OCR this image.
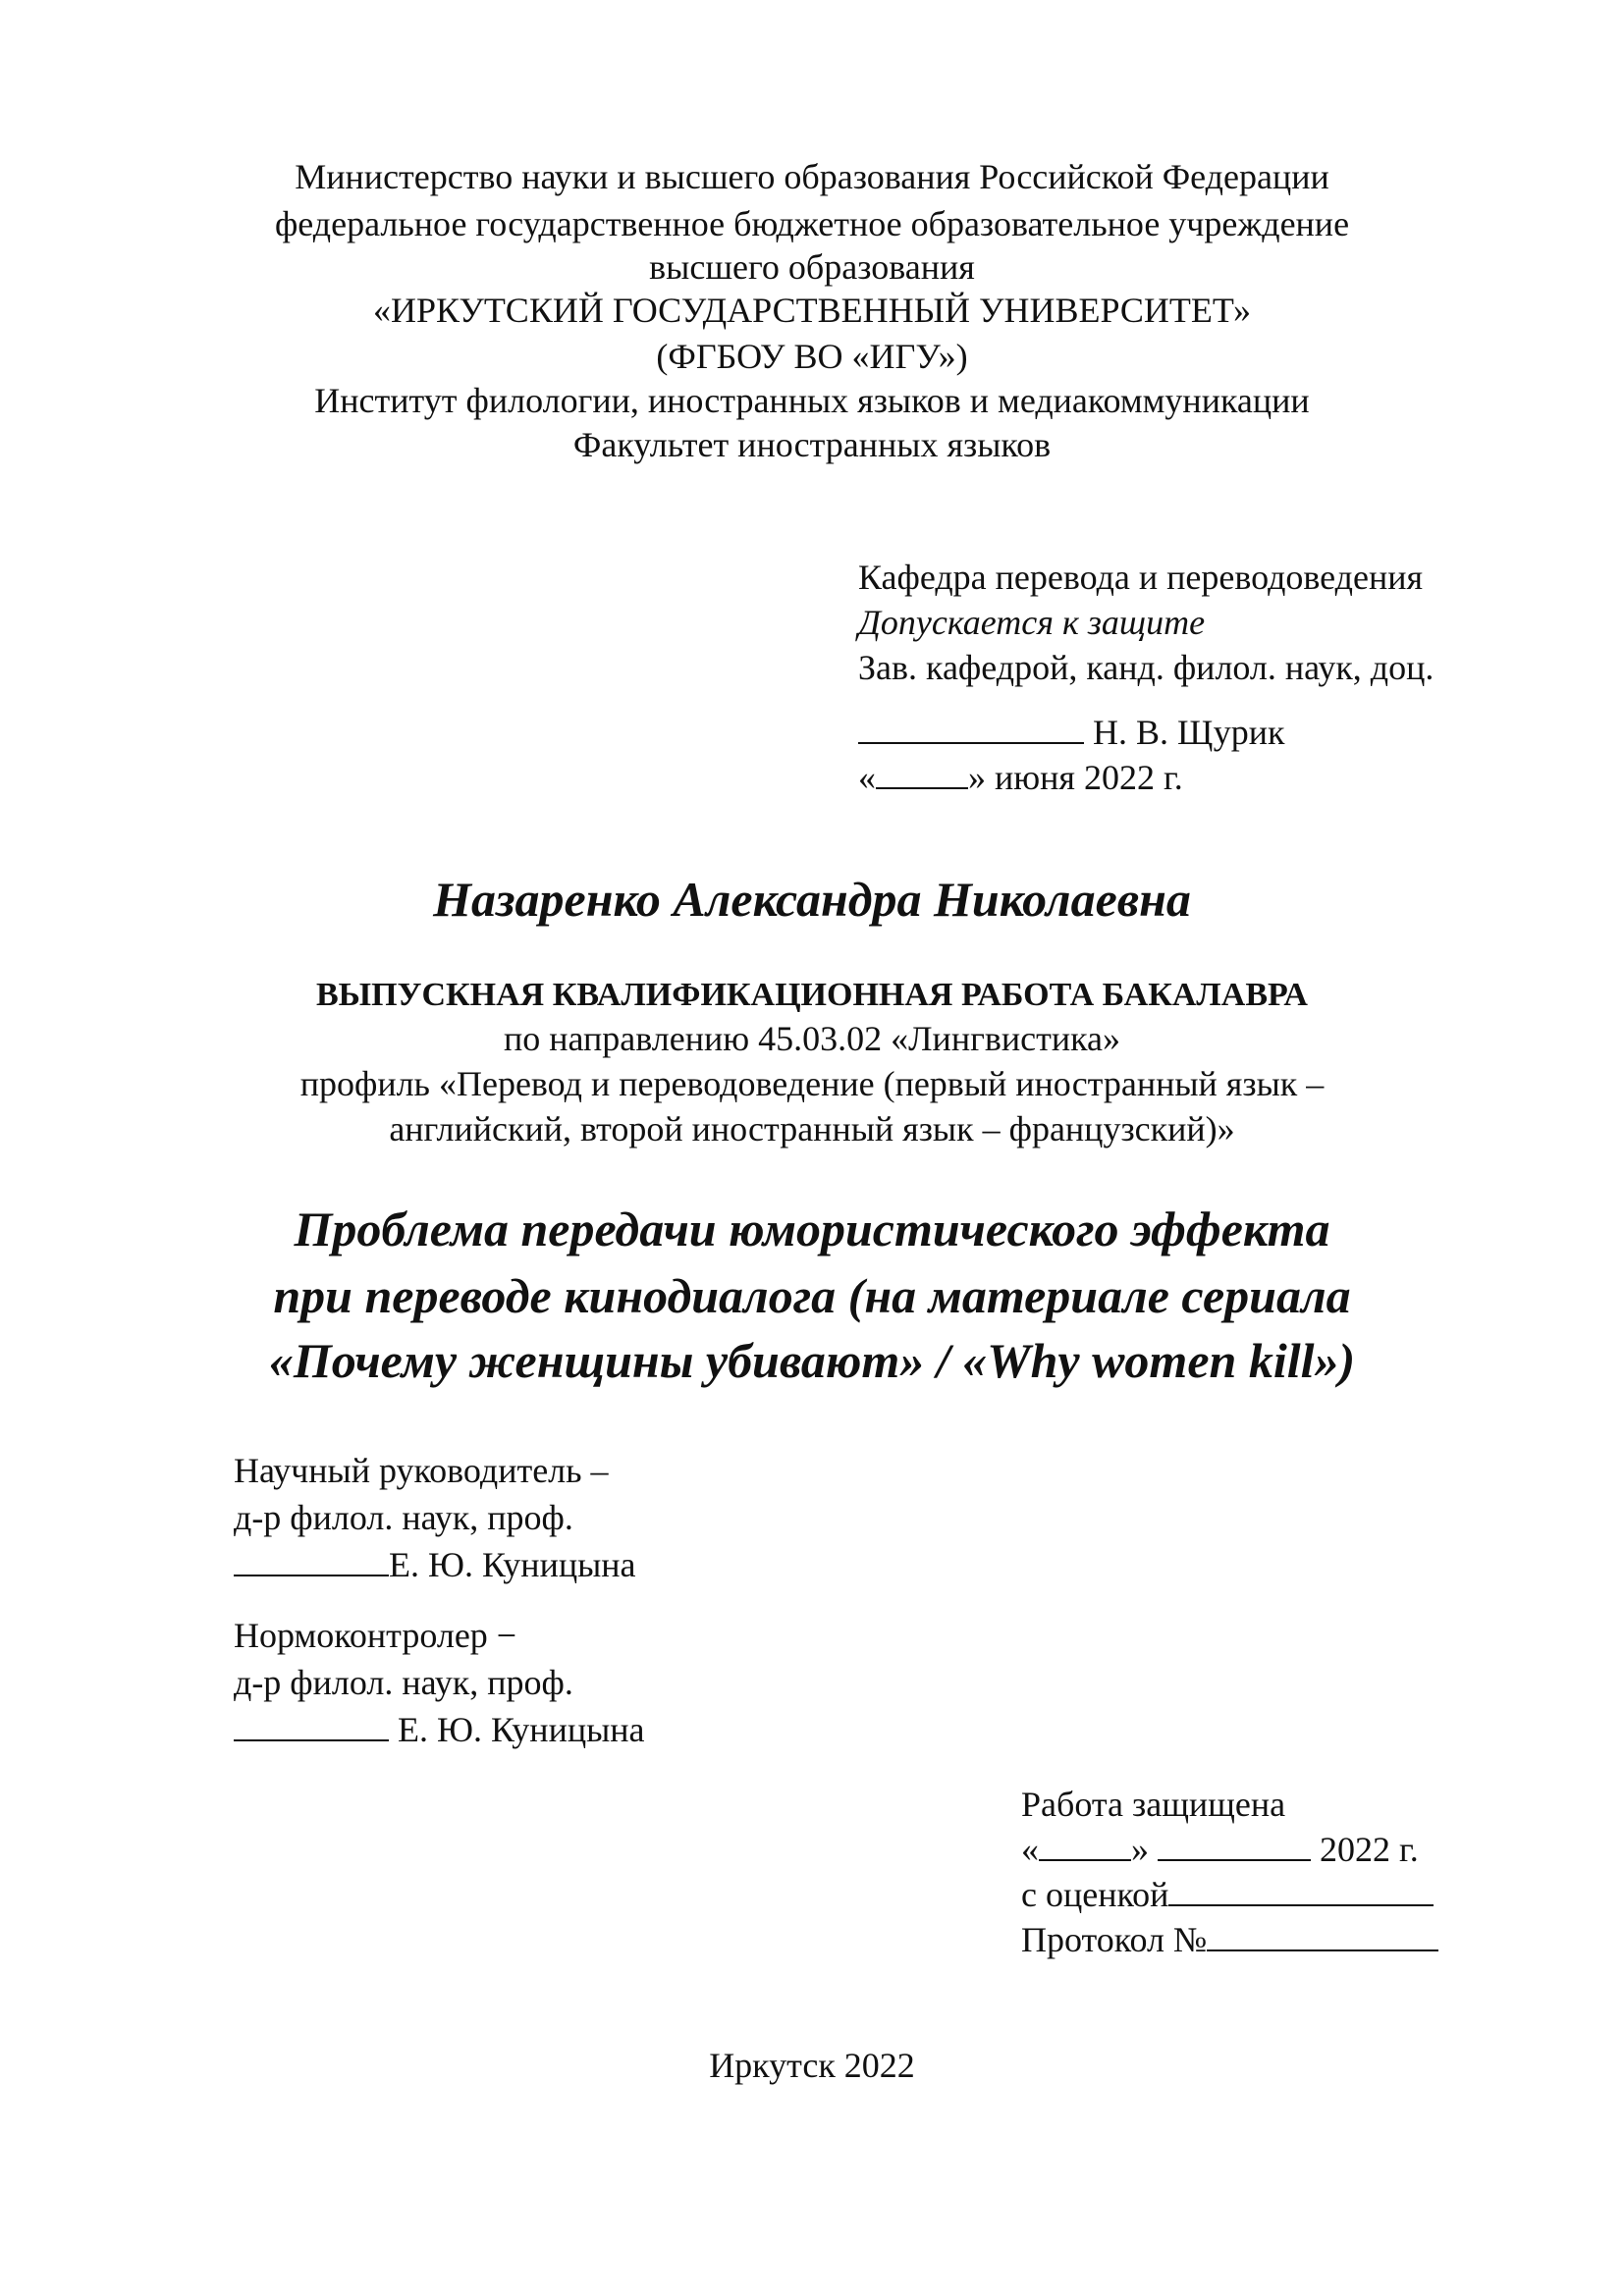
Министерство науки и высшего образования Российской Федерации
федеральное государственное бюджетное образовательное учреждение
высшего образования
«ИРКУТСКИЙ ГОСУДАРСТВЕННЫЙ УНИВЕРСИТЕТ»
(ФГБОУ ВО «ИГУ»)
Институт филологии, иностранных языков и медиакоммуникации
Факультет иностранных языков
Кафедра перевода и переводоведения
Допускается к защите
Зав. кафедрой, канд. филол. наук, доц.
Н. В. Щурик
«	» июня 2022 г.
Назаренко Александра Николаевна
ВЫПУСКНАЯ КВАЛИФИКАЦИОННАЯ РАБОТА БАКАЛАВРА
по направлению 45.03.02 «Лингвистика»
профиль «Перевод и переводоведение (первый иностранный язык –
английский, второй иностранный язык – французский)»
Проблема передачи юмористического эффекта
при переводе кинодиалога (на материале сериала
«Почему женщины убивают» / «Why women kill»)
Научный руководитель –
д-р филол. наук, проф.
Е. Ю. Куницына
Нормоконтролер −
д-р филол. наук, проф.
Е. Ю. Куницына
Работа защищена
«	»	2022 г.
с оценкой
Протокол №
Иркутск 2022
